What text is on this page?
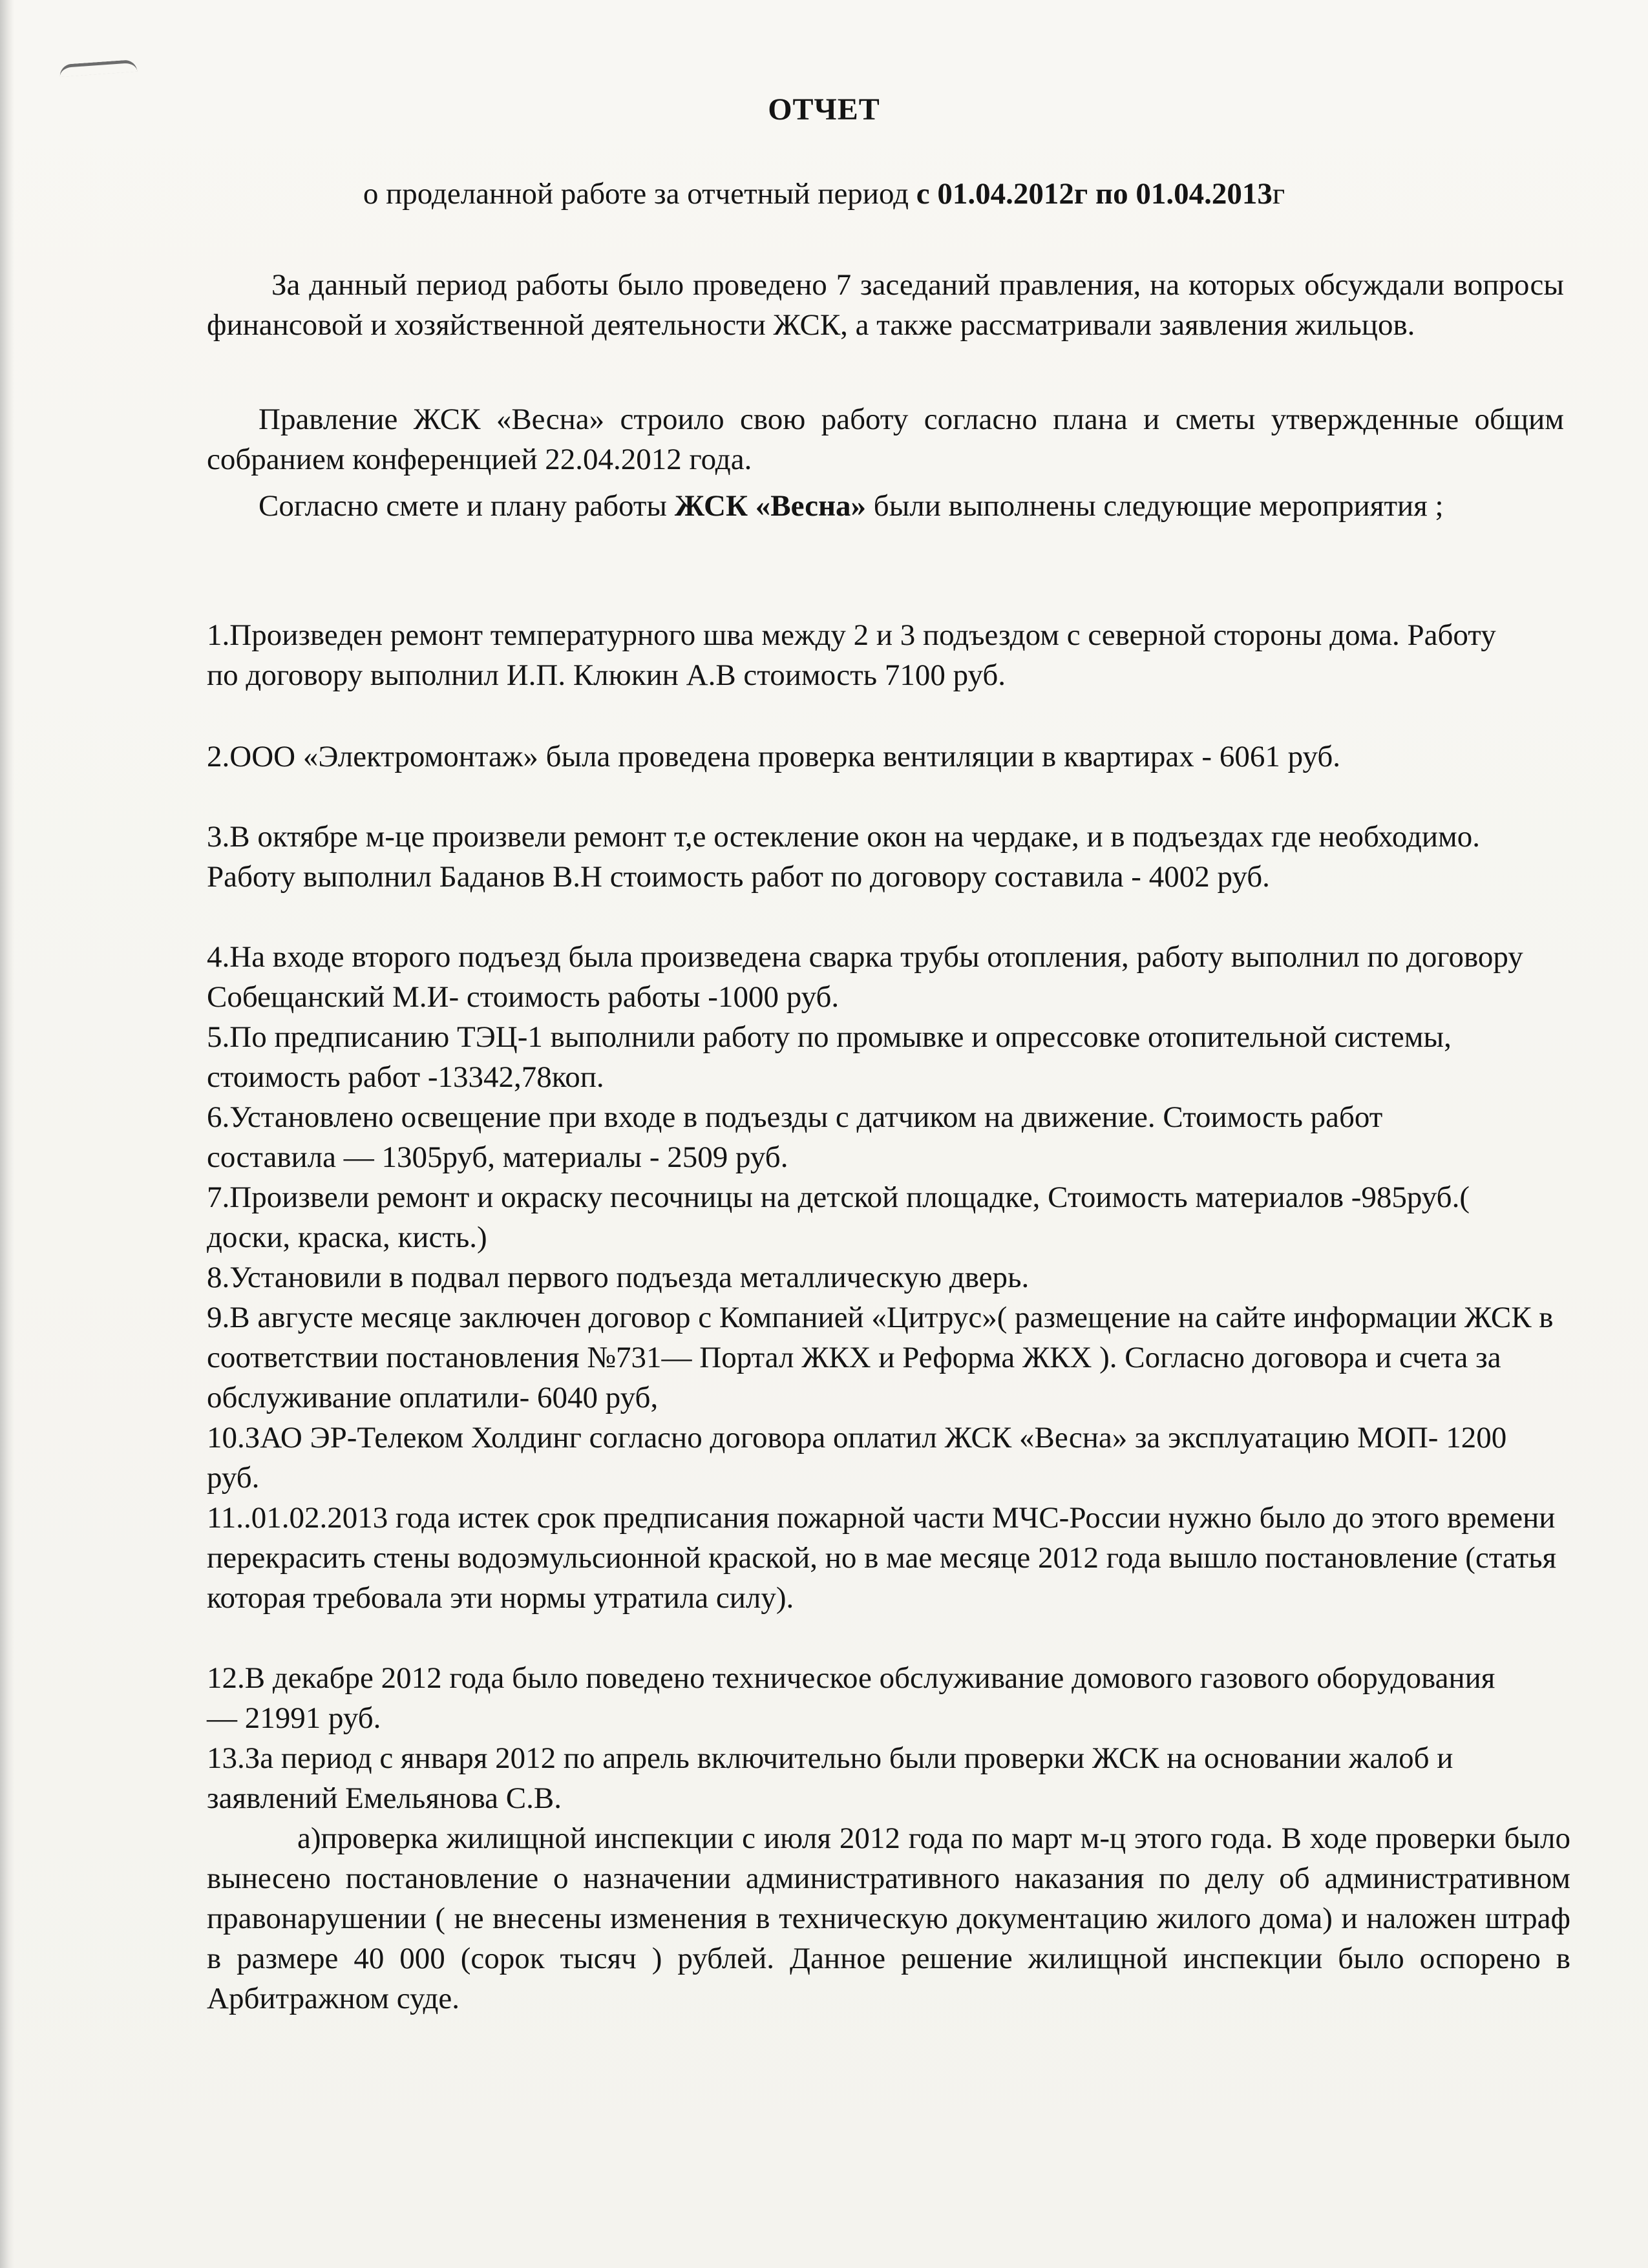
ОТЧЕТ
о проделанной работе за отчетный период с 01.04.2012г по 01.04.2013г
За данный период работы было проведено 7 заседаний правления, на которых обсуждали вопросы финансовой и хозяйственной деятельности ЖСК, а также рассматривали заявления жильцов.
Правление ЖСК «Весна» строило свою работу согласно плана и сметы утвержденные общим собранием конференцией 22.04.2012 года.
Согласно смете и плану работы ЖСК «Весна» были выполнены следующие мероприятия ;
1.Произведен ремонт температурного шва между 2 и 3 подъездом с северной стороны дома. Работу по договору выполнил И.П. Клюкин А.В стоимость 7100 руб.
2.ООО «Электромонтаж» была проведена проверка вентиляции в квартирах - 6061 руб.
3.В октябре м-це произвели ремонт т,е остекление окон на чердаке, и в подъездах где необходимо. Работу выполнил Баданов В.Н стоимость работ по договору составила - 4002 руб.
4.На входе второго подъезд была произведена сварка трубы отопления, работу выполнил по договору Собещанский М.И- стоимость работы -1000 руб.
5.По предписанию ТЭЦ-1 выполнили работу по промывке и опрессовке отопительной системы, стоимость работ -13342,78коп.
6.Установлено освещение при входе в подъезды с датчиком на движение. Стоимость работ составила — 1305руб, материалы - 2509 руб.
7.Произвели ремонт и окраску песочницы на детской площадке, Стоимость материалов -985руб.( доски, краска, кисть.)
8.Установили в подвал первого подъезда металлическую дверь.
9.В августе месяце заключен договор с Компанией «Цитрус»( размещение на сайте информации ЖСК в соответствии постановления №731— Портал ЖКХ и Реформа ЖКХ ). Согласно договора и счета за обслуживание оплатили- 6040 руб,
10.ЗАО ЭР-Телеком Холдинг согласно договора оплатил ЖСК «Весна» за эксплуатацию МОП- 1200 руб.
11..01.02.2013 года истек срок предписания пожарной части МЧС-России нужно было до этого времени перекрасить стены водоэмульсионной краской, но в мае месяце 2012 года вышло постановление (статья которая требовала эти нормы утратила силу).
12.В декабре 2012 года было поведено техническое обслуживание домового газового оборудования — 21991 руб.
13.За период с января 2012 по апрель включительно были проверки ЖСК на основании жалоб и заявлений Емельянова С.В.
а)проверка жилищной инспекции с июля 2012 года по март м-ц этого года. В ходе проверки было вынесено постановление о назначении административного наказания по делу об административном правонарушении ( не внесены изменения в техническую документацию жилого дома) и наложен штраф в размере 40 000 (сорок тысяч ) рублей. Данное решение жилищной инспекции было оспорено в Арбитражном суде.
